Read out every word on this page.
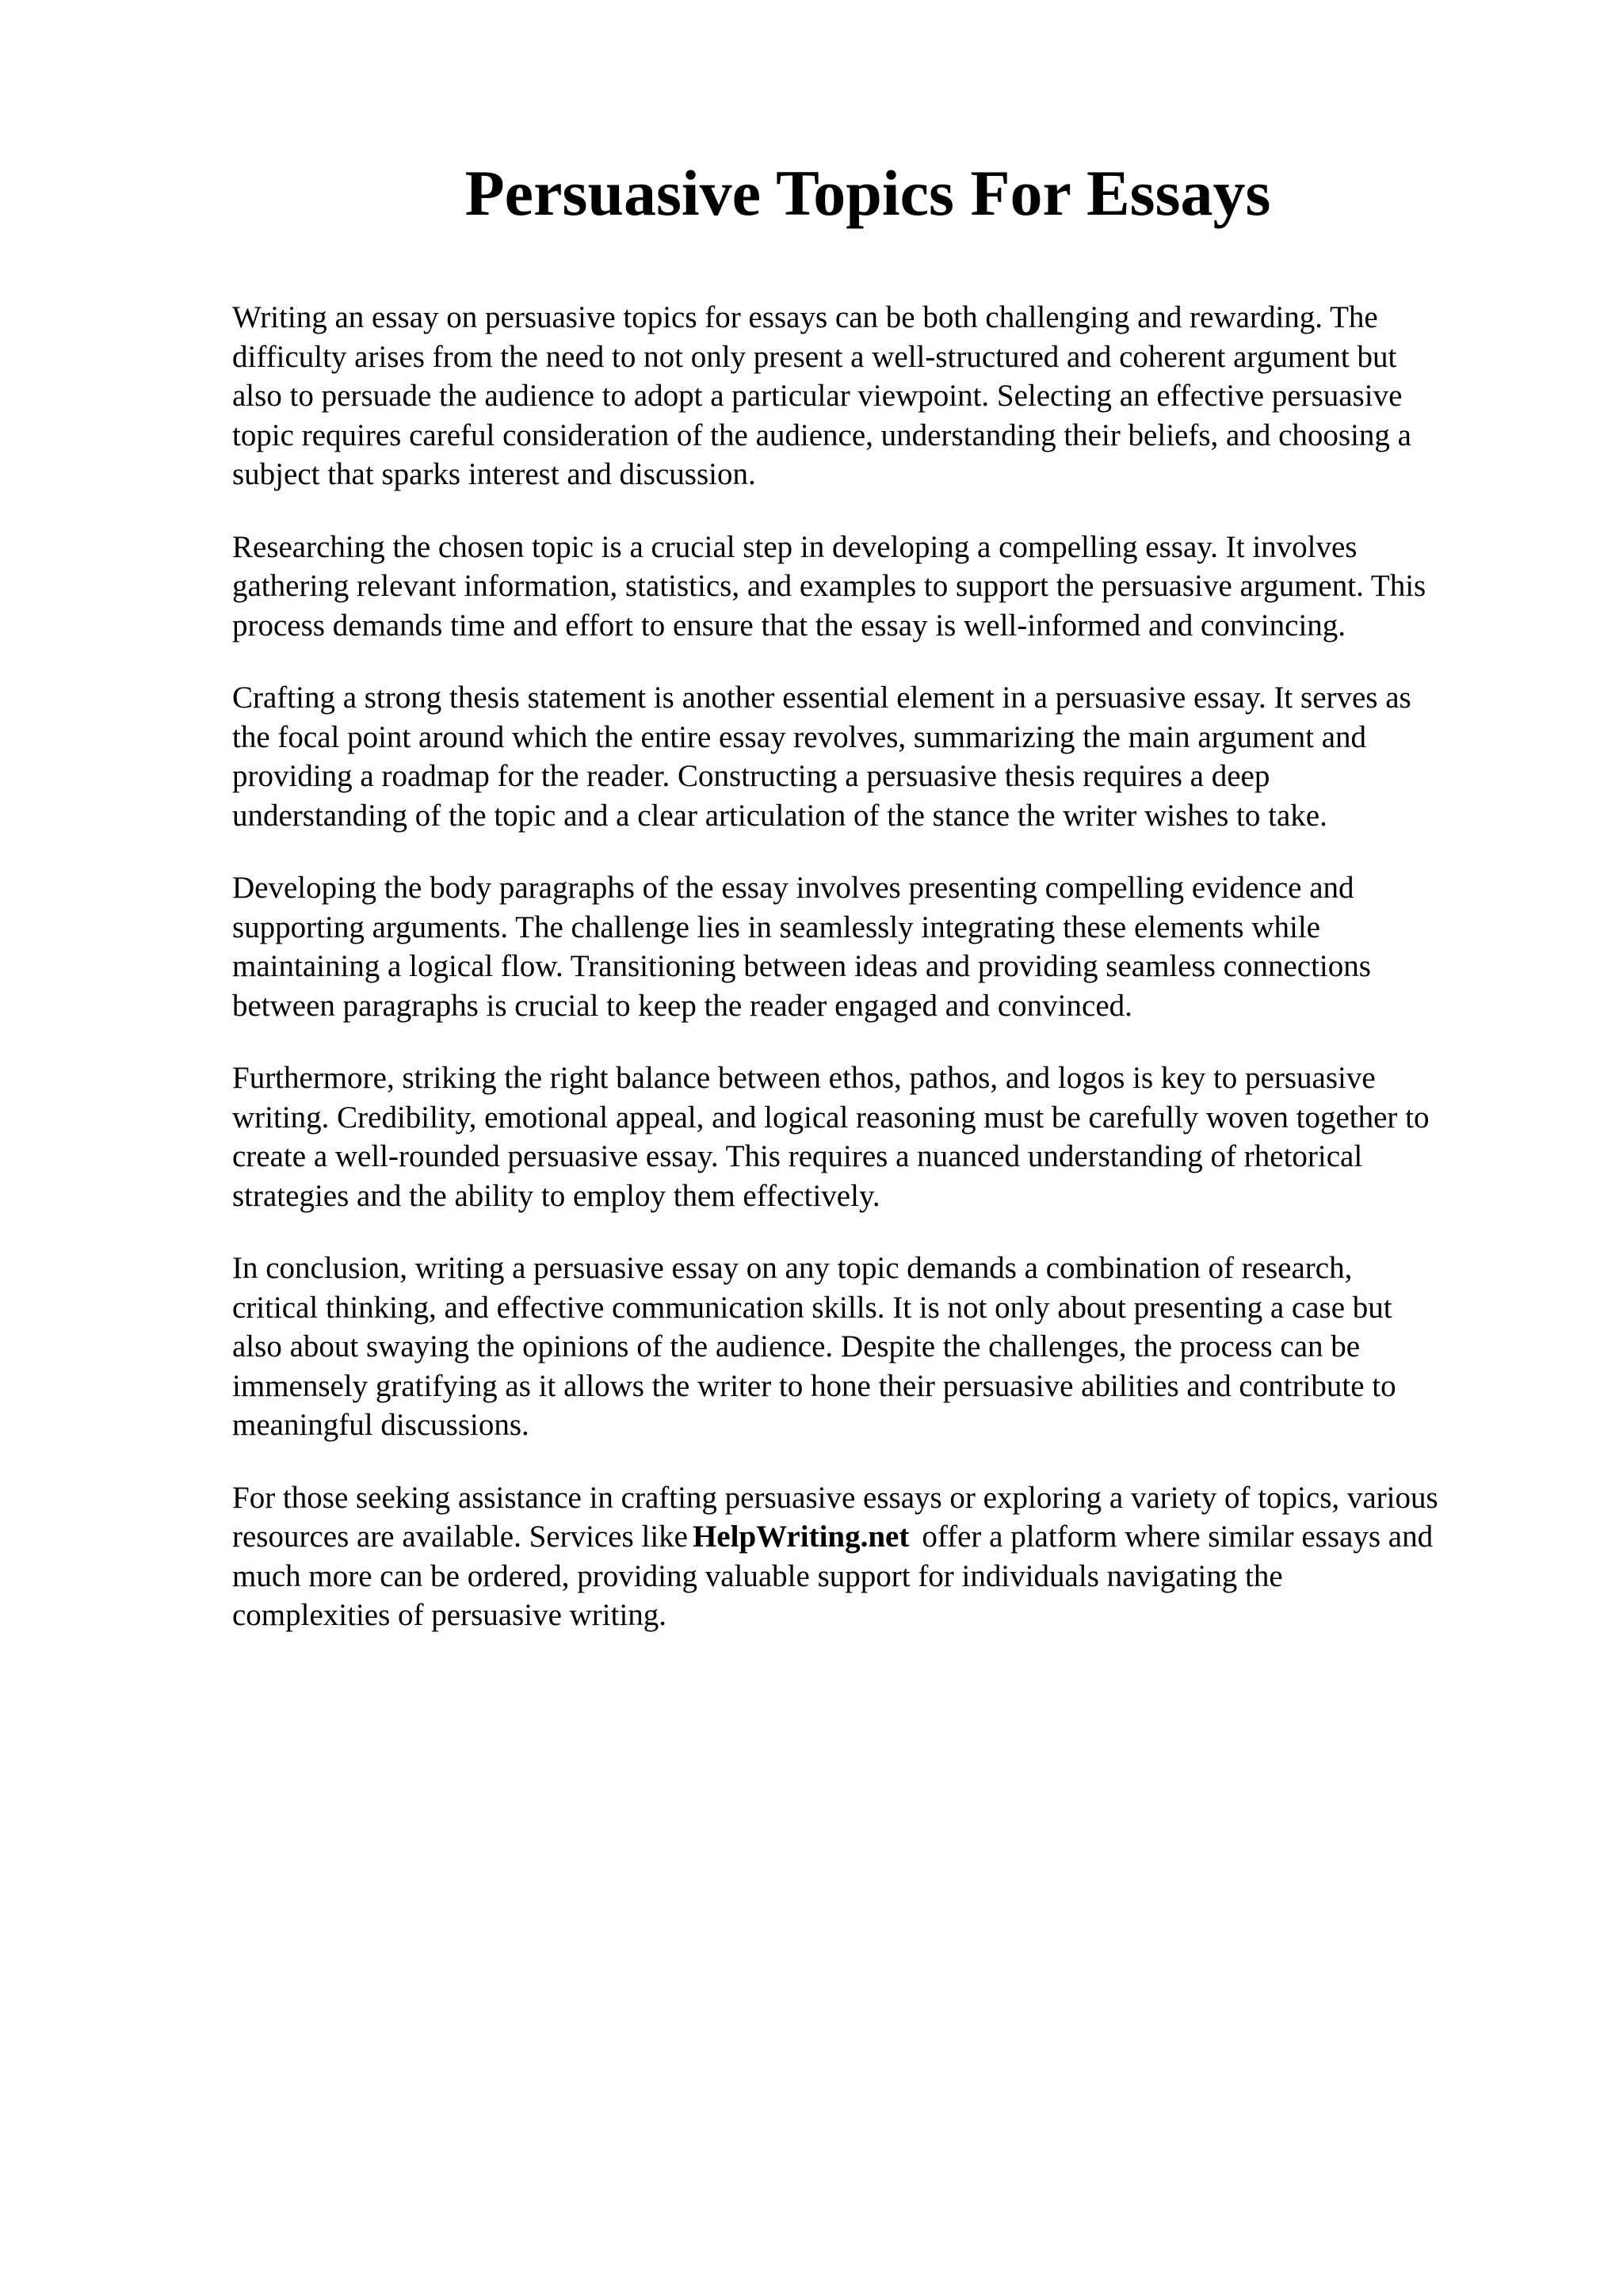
Persuasive Topics For Essays

Writing an essay on persuasive topics for essays can be both challenging and rewarding. The
difficulty arises from the need to not only present a well-structured and coherent argument but
also to persuade the audience to adopt a particular viewpoint. Selecting an effective persuasive
topic requires careful consideration of the audience, understanding their beliefs, and choosing a
subject that sparks interest and discussion.

Researching the chosen topic is a crucial step in developing a compelling essay. It involves
gathering relevant information, statistics, and examples to support the persuasive argument. This
process demands time and effort to ensure that the essay is well-informed and convincing.

Crafting a strong thesis statement is another essential element in a persuasive essay. It serves as
the focal point around which the entire essay revolves, summarizing the main argument and
providing a roadmap for the reader. Constructing a persuasive thesis requires a deep
understanding of the topic and a clear articulation of the stance the writer wishes to take.

Developing the body paragraphs of the essay involves presenting compelling evidence and
supporting arguments. The challenge lies in seamlessly integrating these elements while
maintaining a logical flow. Transitioning between ideas and providing seamless connections
between paragraphs is crucial to keep the reader engaged and convinced.

Furthermore, striking the right balance between ethos, pathos, and logos is key to persuasive
writing. Credibility, emotional appeal, and logical reasoning must be carefully woven together to
create a well-rounded persuasive essay. This requires a nuanced understanding of rhetorical
strategies and the ability to employ them effectively.

In conclusion, writing a persuasive essay on any topic demands a combination of research,
critical thinking, and effective communication skills. It is not only about presenting a case but
also about swaying the opinions of the audience. Despite the challenges, the process can be
immensely gratifying as it allows the writer to hone their persuasive abilities and contribute to
meaningful discussions.

For those seeking assistance in crafting persuasive essays or exploring a variety of topics, various
resources are available. Services like HelpWriting.net offer a platform where similar essays and
much more can be ordered, providing valuable support for individuals navigating the
complexities of persuasive writing.
